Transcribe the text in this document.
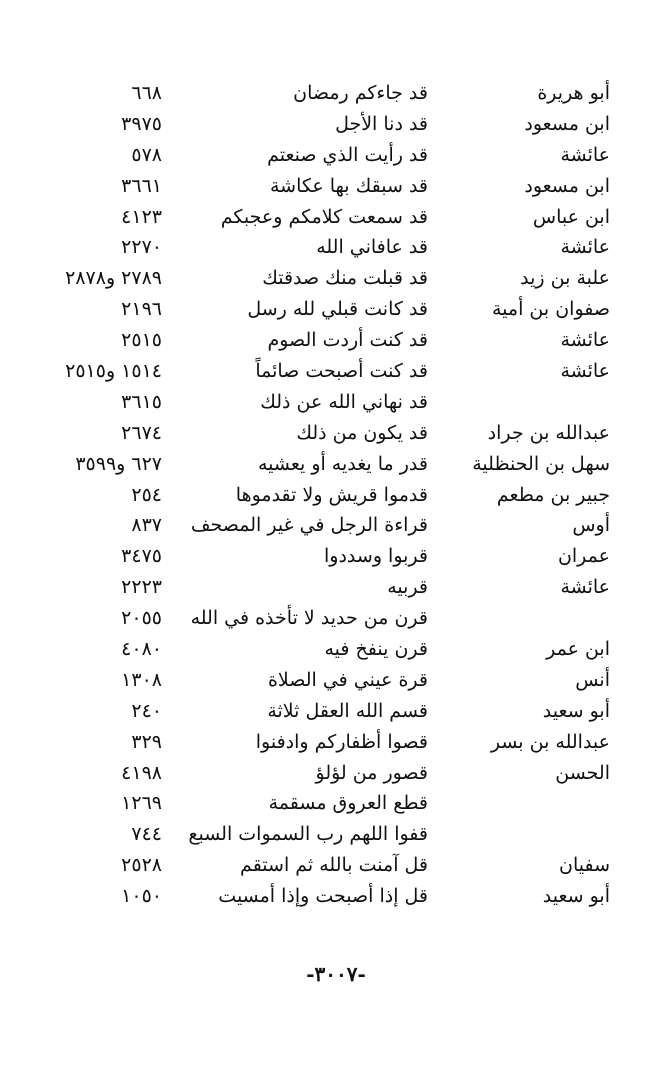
أبو هريرة
قد جاءكم رمضان
٦٦٨
ابن مسعود
قد دنا الأجل
٣٩٧٥
عائشة
قد رأيت الذي صنعتم
٥٧٨
ابن مسعود
قد سبقك بها عكاشة
٣٦٦١
ابن عباس
قد سمعت كلامكم وعجبكم
٤١٢٣
عائشة
قد عافاني الله
٢٢٧٠
علبة بن زيد
قد قبلت منك صدقتك
٢٧٨٩ و٢٨٧٨
صفوان بن أمية
قد كانت قبلي لله رسل
٢١٩٦
عائشة
قد كنت أردت الصوم
٢٥١٥
عائشة
قد كنت أصبحت صائماً
١٥١٤ و٢٥١٥
قد نهاني الله عن ذلك
٣٦١٥
عبدالله بن جراد
قد يكون من ذلك
٢٦٧٤
سهل بن الحنظلية
قدر ما يغديه أو يعشيه
٦٢٧ و٣٥٩٩
جبير بن مطعم
قدموا قريش ولا تقدموها
٢٥٤
أوس
قراءة الرجل في غير المصحف
٨٣٧
عمران
قربوا وسددوا
٣٤٧٥
عائشة
قربيه
٢٢٢٣
قرن من حديد لا تأخذه في الله
٢٠٥٥
ابن عمر
قرن ينفخ فيه
٤٠٨٠
أنس
قرة عيني في الصلاة
١٣٠٨
أبو سعيد
قسم الله العقل ثلاثة
٢٤٠
عبدالله بن بسر
قصوا أظفاركم وادفنوا
٣٢٩
الحسن
قصور من لؤلؤ
٤١٩٨
قطع العروق مسقمة
١٢٦٩
قفوا اللهم رب السموات السبع
٧٤٤
سفيان
قل آمنت بالله ثم استقم
٢٥٢٨
أبو سعيد
قل إذا أصبحت وإذا أمسيت
١٠٥٠
-٣٠٠٧-
